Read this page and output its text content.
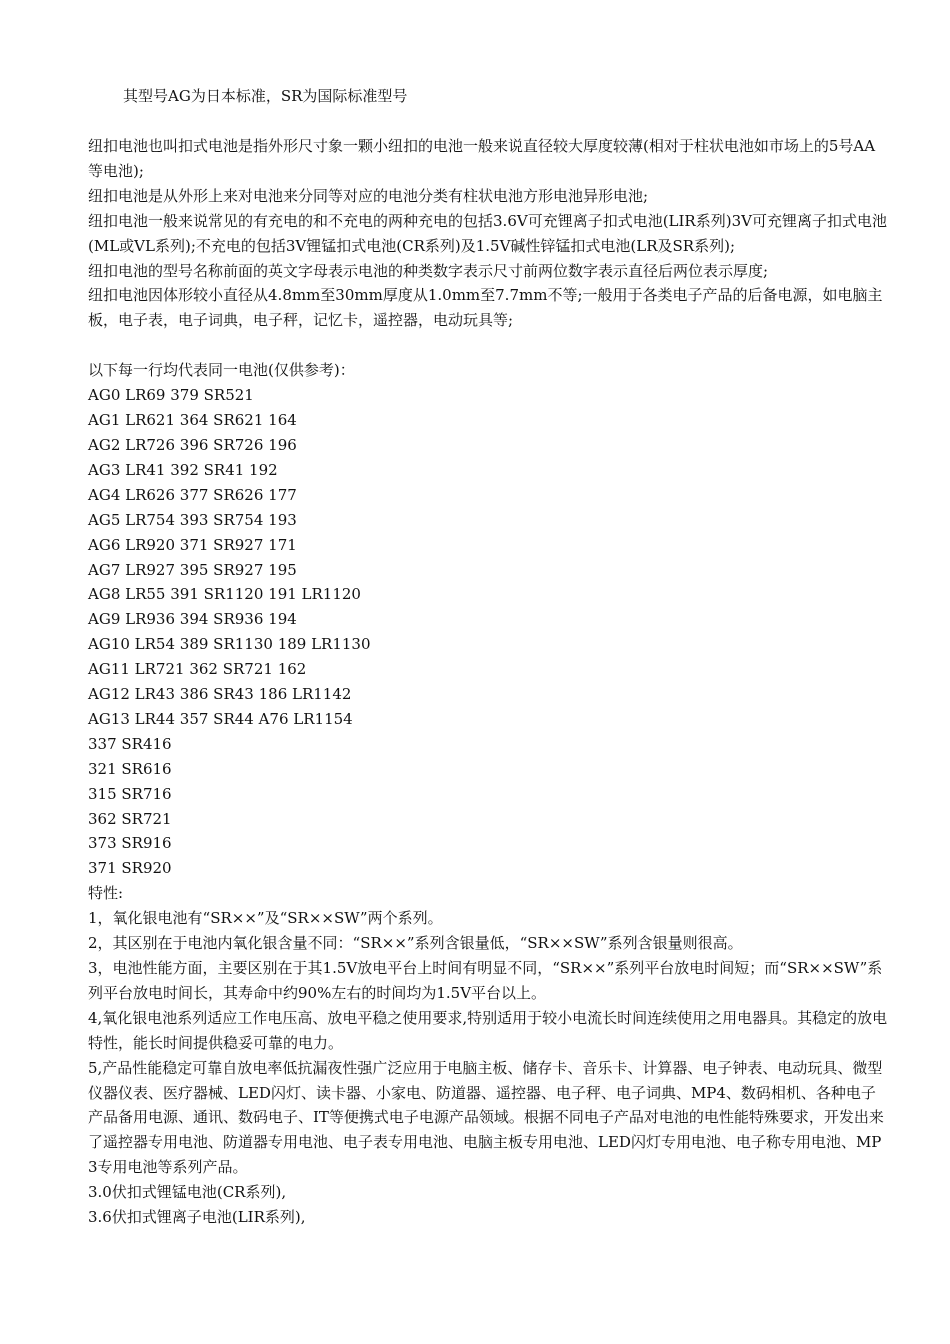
其型号AG为日本标准，SR为国际标准型号

纽扣电池也叫扣式电池是指外形尺寸象一颗小纽扣的电池一般来说直径较大厚度较薄(相对于柱状电池如市场上的5号AA等电池);

纽扣电池是从外形上来对电池来分同等对应的电池分类有柱状电池方形电池异形电池;

纽扣电池一般来说常见的有充电的和不充电的两种充电的包括3.6V可充锂离子扣式电池(LIR系列)3V可充锂离子扣式电池(ML或VL系列);不充电的包括3V锂锰扣式电池(CR系列)及1.5V碱性锌锰扣式电池(LR及SR系列);

纽扣电池的型号名称前面的英文字母表示电池的种类数字表示尺寸前两位数字表示直径后两位表示厚度;

纽扣电池因体形较小直径从4.8mm至30mm厚度从1.0mm至7.7mm不等;一般用于各类电子产品的后备电源，如电脑主板，电子表，电子词典，电子秤，记忆卡，遥控器，电动玩具等;

以下每一行均代表同一电池(仅供参考)：

AG0 LR69 379 SR521

AG1 LR621 364 SR621 164

AG2 LR726 396 SR726 196

AG3 LR41 392 SR41 192

AG4 LR626 377 SR626 177

AG5 LR754 393 SR754 193

AG6 LR920 371 SR927 171

AG7 LR927 395 SR927 195

AG8 LR55 391 SR1120 191 LR1120

AG9 LR936 394 SR936 194

AG10 LR54 389 SR1130 189 LR1130

AG11 LR721 362 SR721 162

AG12 LR43 386 SR43 186 LR1142

AG13 LR44 357 SR44 A76 LR1154

337 SR416

321 SR616

315 SR716

362 SR721

373 SR916

371 SR920

特性:

1，氧化银电池有“SR××”及“SR××SW”两个系列。

2，其区别在于电池内氧化银含量不同：“SR××”系列含银量低，“SR××SW”系列含银量则很高。

3，电池性能方面，主要区别在于其1.5V放电平台上时间有明显不同，“SR××”系列平台放电时间短；而“SR××SW”系列平台放电时间长，其寿命中约90%左右的时间均为1.5V平台以上。

4,氧化银电池系列适应工作电压高、放电平稳之使用要求,特别适用于较小电流长时间连续使用之用电器具。其稳定的放电特性，能长时间提供稳妥可靠的电力。

5,产品性能稳定可靠自放电率低抗漏夜性强广泛应用于电脑主板、储存卡、音乐卡、计算器、电子钟表、电动玩具、微型仪器仪表、医疗器械、LED闪灯、读卡器、小家电、防道器、遥控器、电子秤、电子词典、MP4、数码相机、各种电子产品备用电源、通讯、数码电子、IT等便携式电子电源产品领域。根据不同电子产品对电池的电性能特殊要求，开发出来了遥控器专用电池、防道器专用电池、电子表专用电池、电脑主板专用电池、LED闪灯专用电池、电子称专用电池、MP3专用电池等系列产品。

3.0伏扣式锂锰电池(CR系列),

3.6伏扣式锂离子电池(LIR系列),
